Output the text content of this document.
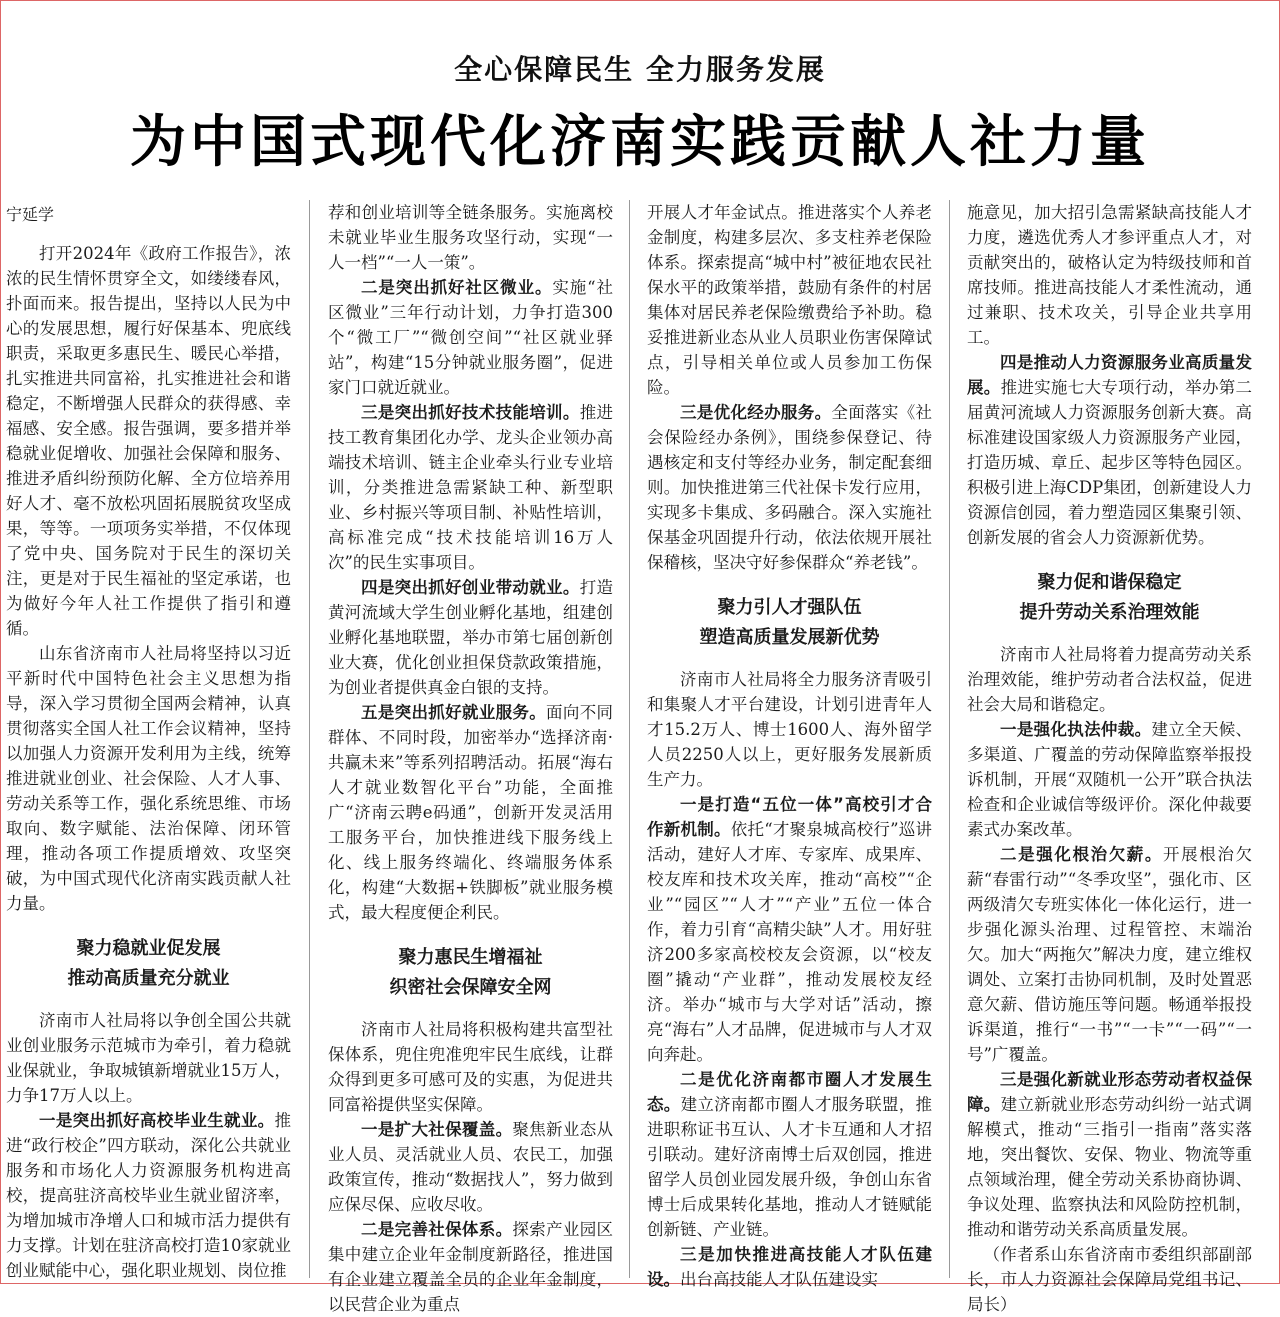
全心保障民生 全力服务发展
为中国式现代化济南实践贡献人社力量

宁延学

打开2024年《政府工作报告》，浓浓的民生情怀贯穿全文，如缕缕春风，扑面而来。报告提出，坚持以人民为中心的发展思想，履行好保基本、兜底线职责，采取更多惠民生、暖民心举措，扎实推进共同富裕，扎实推进社会和谐稳定，不断增强人民群众的获得感、幸福感、安全感。报告强调，要多措并举稳就业促增收、加强社会保障和服务、推进矛盾纠纷预防化解、全方位培养用好人才、毫不放松巩固拓展脱贫攻坚成果，等等。一项项务实举措，不仅体现了党中央、国务院对于民生的深切关注，更是对于民生福祉的坚定承诺，也为做好今年人社工作提供了指引和遵循。

山东省济南市人社局将坚持以习近平新时代中国特色社会主义思想为指导，深入学习贯彻全国两会精神，认真贯彻落实全国人社工作会议精神，坚持以加强人力资源开发利用为主线，统筹推进就业创业、社会保险、人才人事、劳动关系等工作，强化系统思维、市场取向、数字赋能、法治保障、闭环管理，推动各项工作提质增效、攻坚突破，为中国式现代化济南实践贡献人社力量。

聚力稳就业促发展
推动高质量充分就业

济南市人社局将以争创全国公共就业创业服务示范城市为牵引，着力稳就业保就业，争取城镇新增就业15万人，力争17万人以上。

一是突出抓好高校毕业生就业。推进“政行校企”四方联动，深化公共就业服务和市场化人力资源服务机构进高校，提高驻济高校毕业生就业留济率，为增加城市净增人口和城市活力提供有力支撑。计划在驻济高校打造10家就业创业赋能中心，强化职业规划、岗位推

荐和创业培训等全链条服务。实施离校未就业毕业生服务攻坚行动，实现“一人一档”“一人一策”。

二是突出抓好社区微业。实施“社区微业”三年行动计划，力争打造300个“微工厂”“微创空间”“社区就业驿站”，构建“15分钟就业服务圈”，促进家门口就近就业。

三是突出抓好技术技能培训。推进技工教育集团化办学、龙头企业领办高端技术培训、链主企业牵头行业专业培训，分类推进急需紧缺工种、新型职业、乡村振兴等项目制、补贴性培训，高标准完成“技术技能培训16万人次”的民生实事项目。

四是突出抓好创业带动就业。打造黄河流域大学生创业孵化基地，组建创业孵化基地联盟，举办市第七届创新创业大赛，优化创业担保贷款政策措施，为创业者提供真金白银的支持。

五是突出抓好就业服务。面向不同群体、不同时段，加密举办“选择济南·共赢未来”等系列招聘活动。拓展“海右人才就业数智化平台”功能，全面推广“济南云聘e码通”，创新开发灵活用工服务平台，加快推进线下服务线上化、线上服务终端化、终端服务体系化，构建“大数据+铁脚板”就业服务模式，最大程度便企利民。

聚力惠民生增福祉
织密社会保障安全网

济南市人社局将积极构建共富型社保体系，兜住兜准兜牢民生底线，让群众得到更多可感可及的实惠，为促进共同富裕提供坚实保障。

一是扩大社保覆盖。聚焦新业态从业人员、灵活就业人员、农民工，加强政策宣传，推动“数据找人”，努力做到应保尽保、应收尽收。

二是完善社保体系。探索产业园区集中建立企业年金制度新路径，推进国有企业建立覆盖全员的企业年金制度，以民营企业为重点

开展人才年金试点。推进落实个人养老金制度，构建多层次、多支柱养老保险体系。探索提高“城中村”被征地农民社保水平的政策举措，鼓励有条件的村居集体对居民养老保险缴费给予补助。稳妥推进新业态从业人员职业伤害保障试点，引导相关单位或人员参加工伤保险。

三是优化经办服务。全面落实《社会保险经办条例》，围绕参保登记、待遇核定和支付等经办业务，制定配套细则。加快推进第三代社保卡发行应用，实现多卡集成、多码融合。深入实施社保基金巩固提升行动，依法依规开展社保稽核，坚决守好参保群众“养老钱”。

聚力引人才强队伍
塑造高质量发展新优势

济南市人社局将全力服务济青吸引和集聚人才平台建设，计划引进青年人才15.2万人、博士1600人、海外留学人员2250人以上，更好服务发展新质生产力。

一是打造“五位一体”高校引才合作新机制。依托“才聚泉城高校行”巡讲活动，建好人才库、专家库、成果库、校友库和技术攻关库，推动“高校”“企业”“园区”“人才”“产业”五位一体合作，着力引育“高精尖缺”人才。用好驻济200多家高校校友会资源，以“校友圈”撬动“产业群”，推动发展校友经济。举办“城市与大学对话”活动，擦亮“海右”人才品牌，促进城市与人才双向奔赴。

二是优化济南都市圈人才发展生态。建立济南都市圈人才服务联盟，推进职称证书互认、人才卡互通和人才招引联动。建好济南博士后双创园，推进留学人员创业园发展升级，争创山东省博士后成果转化基地，推动人才链赋能创新链、产业链。

三是加快推进高技能人才队伍建设。出台高技能人才队伍建设实

施意见，加大招引急需紧缺高技能人才力度，遴选优秀人才参评重点人才，对贡献突出的，破格认定为特级技师和首席技师。推进高技能人才柔性流动，通过兼职、技术攻关，引导企业共享用工。

四是推动人力资源服务业高质量发展。推进实施七大专项行动，举办第二届黄河流域人力资源服务创新大赛。高标准建设国家级人力资源服务产业园，打造历城、章丘、起步区等特色园区。积极引进上海CDP集团，创新建设人力资源信创园，着力塑造园区集聚引领、创新发展的省会人力资源新优势。

聚力促和谐保稳定
提升劳动关系治理效能

济南市人社局将着力提高劳动关系治理效能，维护劳动者合法权益，促进社会大局和谐稳定。

一是强化执法仲裁。建立全天候、多渠道、广覆盖的劳动保障监察举报投诉机制，开展“双随机一公开”联合执法检查和企业诚信等级评价。深化仲裁要素式办案改革。

二是强化根治欠薪。开展根治欠薪“春雷行动”“冬季攻坚”，强化市、区两级清欠专班实体化一体化运行，进一步强化源头治理、过程管控、末端治欠。加大“两拖欠”解决力度，建立维权调处、立案打击协同机制，及时处置恶意欠薪、借访施压等问题。畅通举报投诉渠道，推行“一书”“一卡”“一码”“一号”广覆盖。

三是强化新就业形态劳动者权益保障。建立新就业形态劳动纠纷一站式调解模式，推动“三指引一指南”落实落地，突出餐饮、安保、物业、物流等重点领域治理，健全劳动关系协商协调、争议处理、监察执法和风险防控机制，推动和谐劳动关系高质量发展。

（作者系山东省济南市委组织部副部长，市人力资源社会保障局党组书记、局长）
